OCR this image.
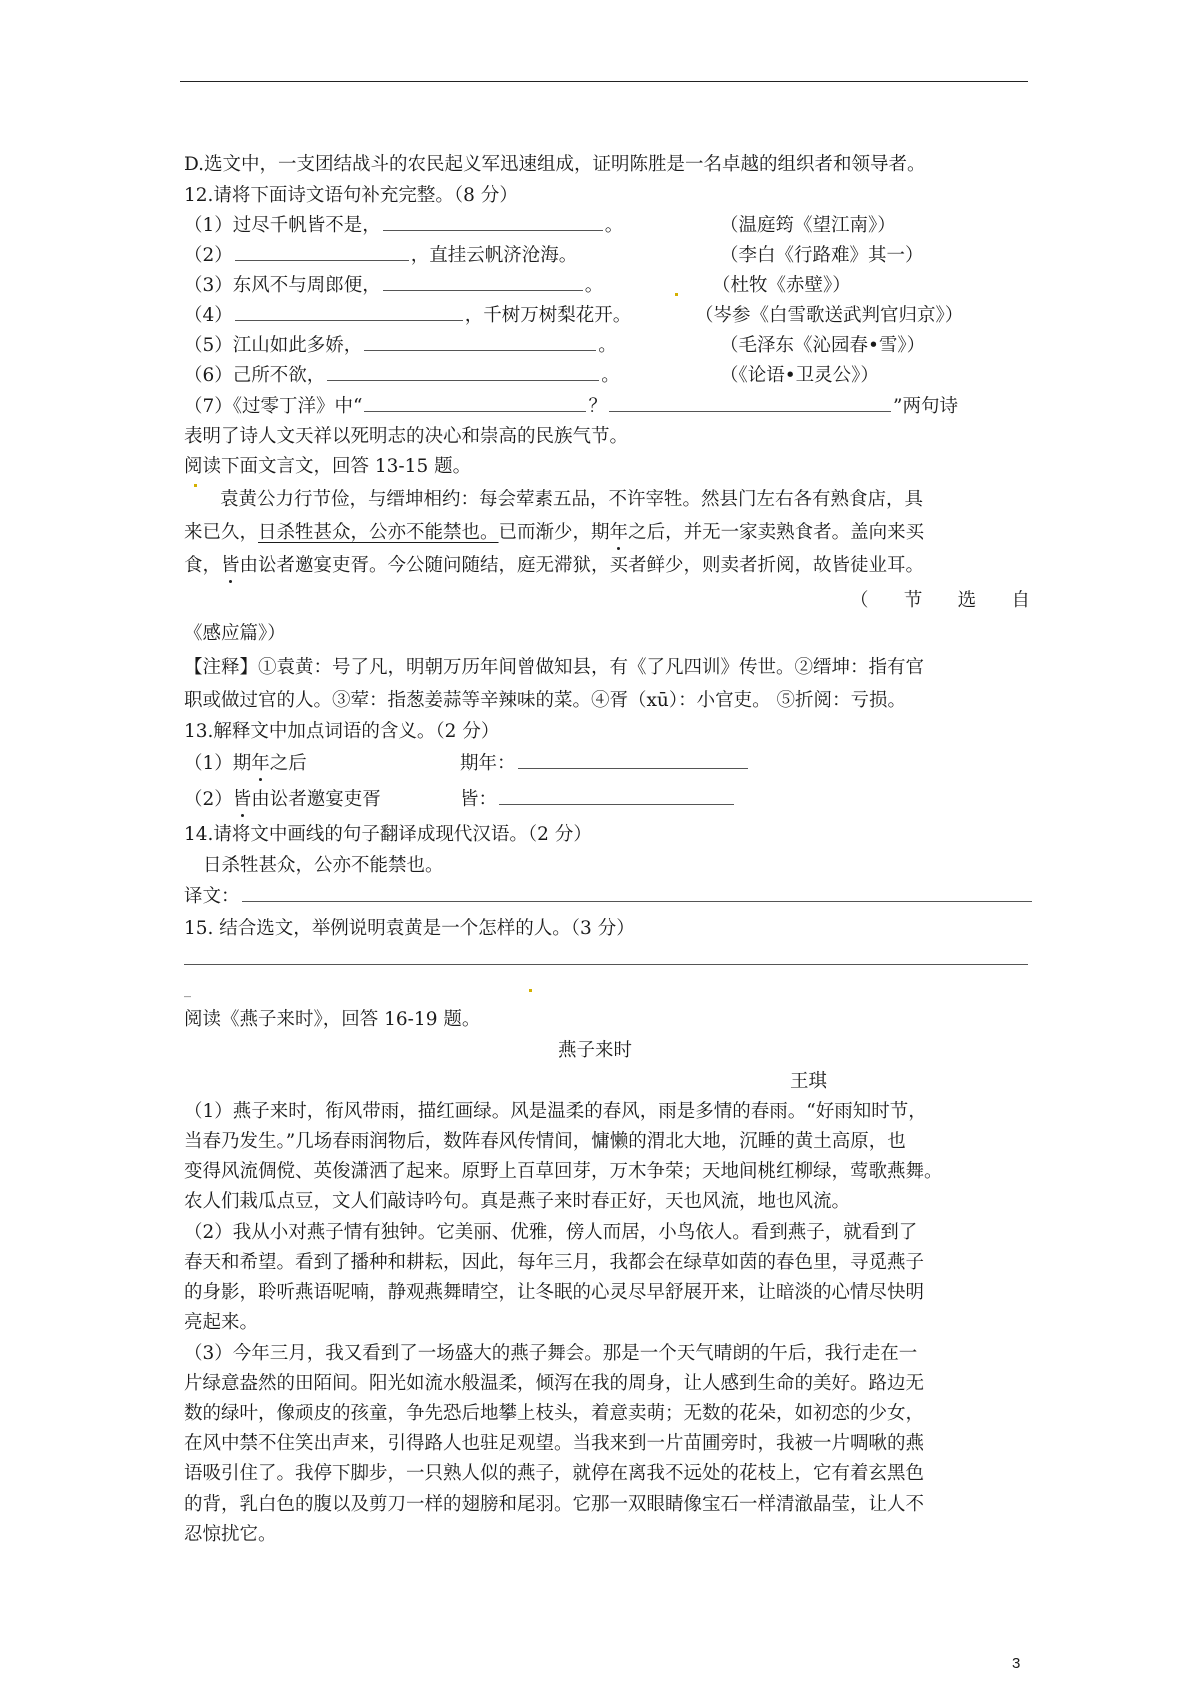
D.选文中，一支团结战斗的农民起义军迅速组成，证明陈胜是一名卓越的组织者和领导者。
12.请将下面诗文语句补充完整。（8 分）
（1）过尽千帆皆不是，	。	（温庭筠《望江南》）
（2）	，直挂云帆济沧海。	（李白《行路难》其一）
（3）东风不与周郎便，	。	（杜牧《赤壁》）
（4）	，千树万树梨花开。	（岑参《白雪歌送武判官归京》）
（5）江山如此多娇，	。	（毛泽东《沁园春•雪》）
（6）己所不欲，	。	（《论语•卫灵公》）
（7）《过零丁洋》中“	？	”两句诗
表明了诗人文天祥以死明志的决心和崇高的民族气节。
阅读下面文言文，回答 13-15 题。
袁黄公力行节俭，与缙坤相约：每会荤素五品，不许宰牲。然县门左右各有熟食店，具
来已久，日杀牲甚众，公亦不能禁也。已而渐少，期年之后，并无一家卖熟食者。盖向来买
食，皆由讼者邀宴吏胥。今公随问随结，庭无滞狱，买者鲜少，则卖者折阅，故皆徒业耳。
（ 节 选 自
《感应篇》）
【注释】①袁黄：号了凡，明朝万历年间曾做知县，有《了凡四训》传世。②缙坤：指有官
职或做过官的人。③荤：指葱姜蒜等辛辣味的菜。④胥（xū）：小官吏。 ⑤折阅：亏损。
13.解释文中加点词语的含义。（2 分）
（1）期年之后	期年：
（2）皆由讼者邀宴吏胥	皆：
14.请将文中画线的句子翻译成现代汉语。（2 分）
日杀牲甚众，公亦不能禁也。
译文：
15. 结合选文，举例说明袁黄是一个怎样的人。（3 分）
_
阅读《燕子来时》，回答 16-19 题。
燕子来时
王琪
（1）燕子来时，衔风带雨，描红画绿。风是温柔的春风，雨是多情的春雨。“好雨知时节，
当春乃发生。”几场春雨润物后，数阵春风传情间，慵懒的渭北大地，沉睡的黄土高原，也
变得风流倜傥、英俊潇洒了起来。原野上百草回芽，万木争荣；天地间桃红柳绿，莺歌燕舞。
农人们栽瓜点豆，文人们敲诗吟句。真是燕子来时春正好，天也风流，地也风流。
（2）我从小对燕子情有独钟。它美丽、优雅，傍人而居，小鸟依人。看到燕子，就看到了
春天和希望。看到了播种和耕耘，因此，每年三月，我都会在绿草如茵的春色里，寻觅燕子
的身影，聆听燕语呢喃，静观燕舞晴空，让冬眠的心灵尽早舒展开来，让暗淡的心情尽快明
亮起来。
（3）今年三月，我又看到了一场盛大的燕子舞会。那是一个天气晴朗的午后，我行走在一
片绿意盎然的田陌间。阳光如流水般温柔，倾泻在我的周身，让人感到生命的美好。路边无
数的绿叶，像顽皮的孩童，争先恐后地攀上枝头，着意卖萌；无数的花朵，如初恋的少女，
在风中禁不住笑出声来，引得路人也驻足观望。当我来到一片苗圃旁时，我被一片啁啾的燕
语吸引住了。我停下脚步，一只熟人似的燕子，就停在离我不远处的花枝上，它有着玄黑色
的背，乳白色的腹以及剪刀一样的翅膀和尾羽。它那一双眼睛像宝石一样清澈晶莹，让人不
忍惊扰它。
3
